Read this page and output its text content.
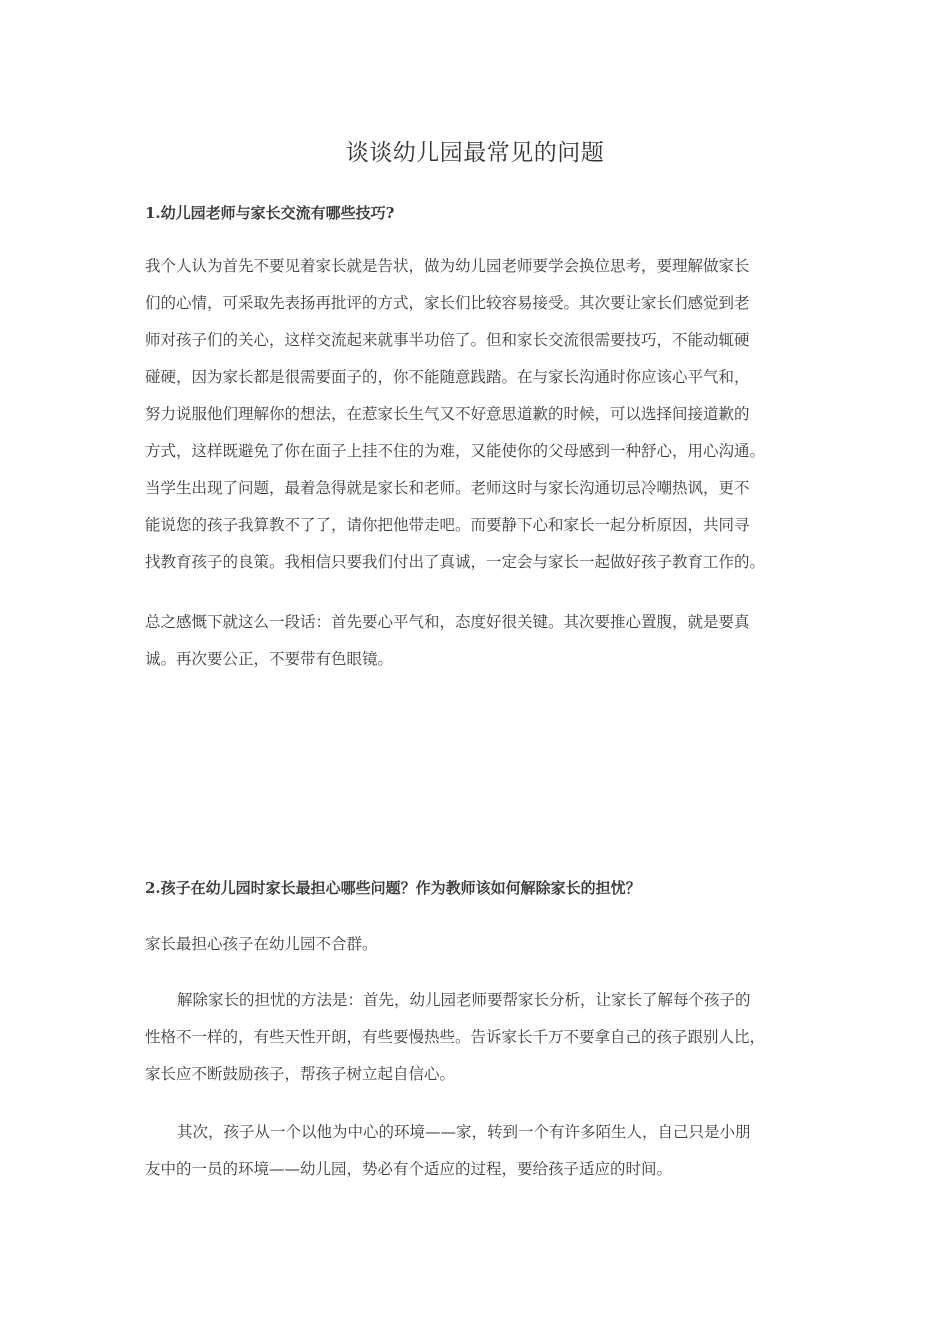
谈谈幼儿园最常见的问题
1.幼儿园老师与家长交流有哪些技巧?
我个人认为首先不要见着家长就是告状，做为幼儿园老师要学会换位思考，要理解做家长
们的心情，可采取先表扬再批评的方式，家长们比较容易接受。其次要让家长们感觉到老
师对孩子们的关心，这样交流起来就事半功倍了。但和家长交流很需要技巧，不能动辄硬
碰硬，因为家长都是很需要面子的，你不能随意践踏。在与家长沟通时你应该心平气和，
努力说服他们理解你的想法，在惹家长生气又不好意思道歉的时候，可以选择间接道歉的
方式，这样既避免了你在面子上挂不住的为难，又能使你的父母感到一种舒心，用心沟通。
当学生出现了问题，最着急得就是家长和老师。老师这时与家长沟通切忌冷嘲热讽，更不
能说您的孩子我算教不了了，请你把他带走吧。而要静下心和家长一起分析原因，共同寻
找教育孩子的良策。我相信只要我们付出了真诚，一定会与家长一起做好孩子教育工作的。
总之感慨下就这么一段话：首先要心平气和，态度好很关键。其次要推心置腹，就是要真
诚。再次要公正，不要带有色眼镜。
2.孩子在幼儿园时家长最担心哪些问题？作为教师该如何解除家长的担忧？
家长最担心孩子在幼儿园不合群。
解除家长的担忧的方法是：首先，幼儿园老师要帮家长分析，让家长了解每个孩子的
性格不一样的，有些天性开朗，有些要慢热些。告诉家长千万不要拿自己的孩子跟别人比，
家长应不断鼓励孩子，帮孩子树立起自信心。
其次，孩子从一个以他为中心的环境——家，转到一个有许多陌生人，自己只是小朋
友中的一员的环境——幼儿园，势必有个适应的过程，要给孩子适应的时间。
